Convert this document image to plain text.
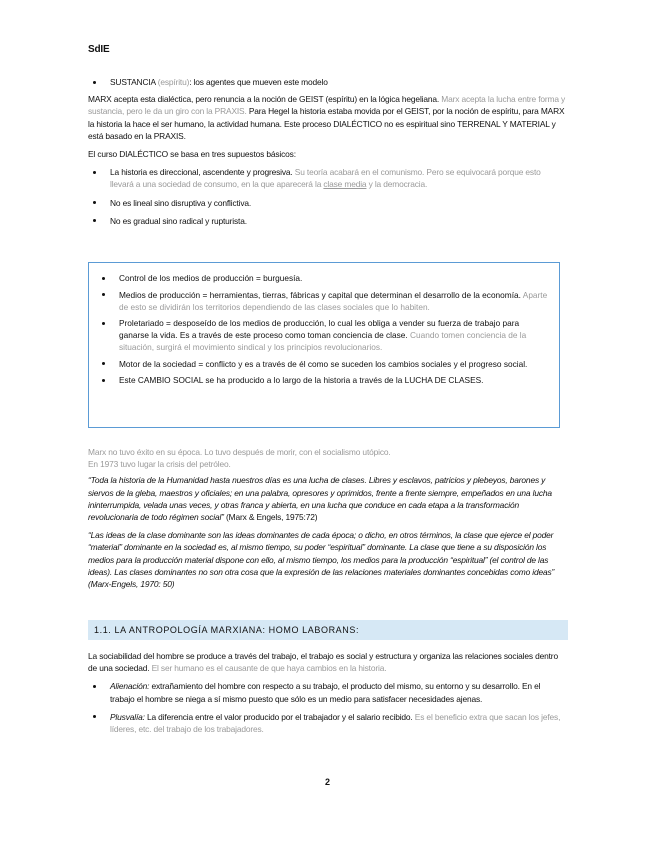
SdIE
SUSTANCIA (espíritu): los agentes que mueven este modelo
MARX acepta esta dialéctica, pero renuncia a la noción de GEIST (espíritu) en la lógica hegeliana. Marx acepta la lucha entre forma y sustancia, pero le da un giro con la PRAXIS. Para Hegel la historia estaba movida por el GEIST, por la noción de espíritu, para MARX la historia la hace el ser humano, la actividad humana. Este proceso DIALÉCTICO no es espiritual sino TERRENAL Y MATERIAL y está basado en la PRAXIS.
El curso DIALÉCTICO se basa en tres supuestos básicos:
La historia es direccional, ascendente y progresiva. Su teoría acabará en el comunismo. Pero se equivocará porque esto llevará a una sociedad de consumo, en la que aparecerá la clase media y la democracia.
No es lineal sino disruptiva y conflictiva.
No es gradual sino radical y rupturista.
Control de los medios de producción = burguesía.
Medios de producción = herramientas, tierras, fábricas y capital que determinan el desarrollo de la economía. Aparte de esto se dividirán los territorios dependiendo de las clases sociales que lo habiten.
Proletariado = desposeído de los medios de producción, lo cual les obliga a vender su fuerza de trabajo para ganarse la vida. Es a través de este proceso como toman conciencia de clase. Cuando tomen conciencia de la situación, surgirá el movimiento sindical y los principios revolucionarios.
Motor de la sociedad = conflicto y es a través de él como se suceden los cambios sociales y el progreso social.
Este CAMBIO SOCIAL se ha producido a lo largo de la historia a través de la LUCHA DE CLASES.
Marx no tuvo éxito en su época. Lo tuvo después de morir, con el socialismo utópico.
En 1973 tuvo lugar la crisis del petróleo.
“Toda la historia de la Humanidad hasta nuestros días es una lucha de clases. Libres y esclavos, patricios y plebeyos, barones y siervos de la gleba, maestros y oficiales; en una palabra, opresores y oprimidos, frente a frente siempre, empeñados en una lucha ininterrumpida, velada unas veces, y otras franca y abierta, en una lucha que conduce en cada etapa a la transformación revolucionaria de todo régimen social” (Marx & Engels, 1975:72)
“Las ideas de la clase dominante son las ideas dominantes de cada época; o dicho, en otros términos, la clase que ejerce el poder “material” dominante en la sociedad es, al mismo tiempo, su poder “espiritual” dominante. La clase que tiene a su disposición los medios para la producción material dispone con ello, al mismo tiempo, los medios para la producción “espiritual” (el control de las ideas). Las clases dominantes no son otra cosa que la expresión de las relaciones materiales dominantes concebidas como ideas” (Marx-Engels, 1970: 50)
1.1. LA ANTROPOLOGÍA MARXIANA: HOMO LABORANS:
La sociabilidad del hombre se produce a través del trabajo, el trabajo es social y estructura y organiza las relaciones sociales dentro de una sociedad. El ser humano es el causante de que haya cambios en la historia.
Alienación: extrañamiento del hombre con respecto a su trabajo, el producto del mismo, su entorno y su desarrollo. En el trabajo el hombre se niega a sí mismo puesto que sólo es un medio para satisfacer necesidades ajenas.
Plusvalía: La diferencia entre el valor producido por el trabajador y el salario recibido. Es el beneficio extra que sacan los jefes, líderes, etc. del trabajo de los trabajadores.
2
